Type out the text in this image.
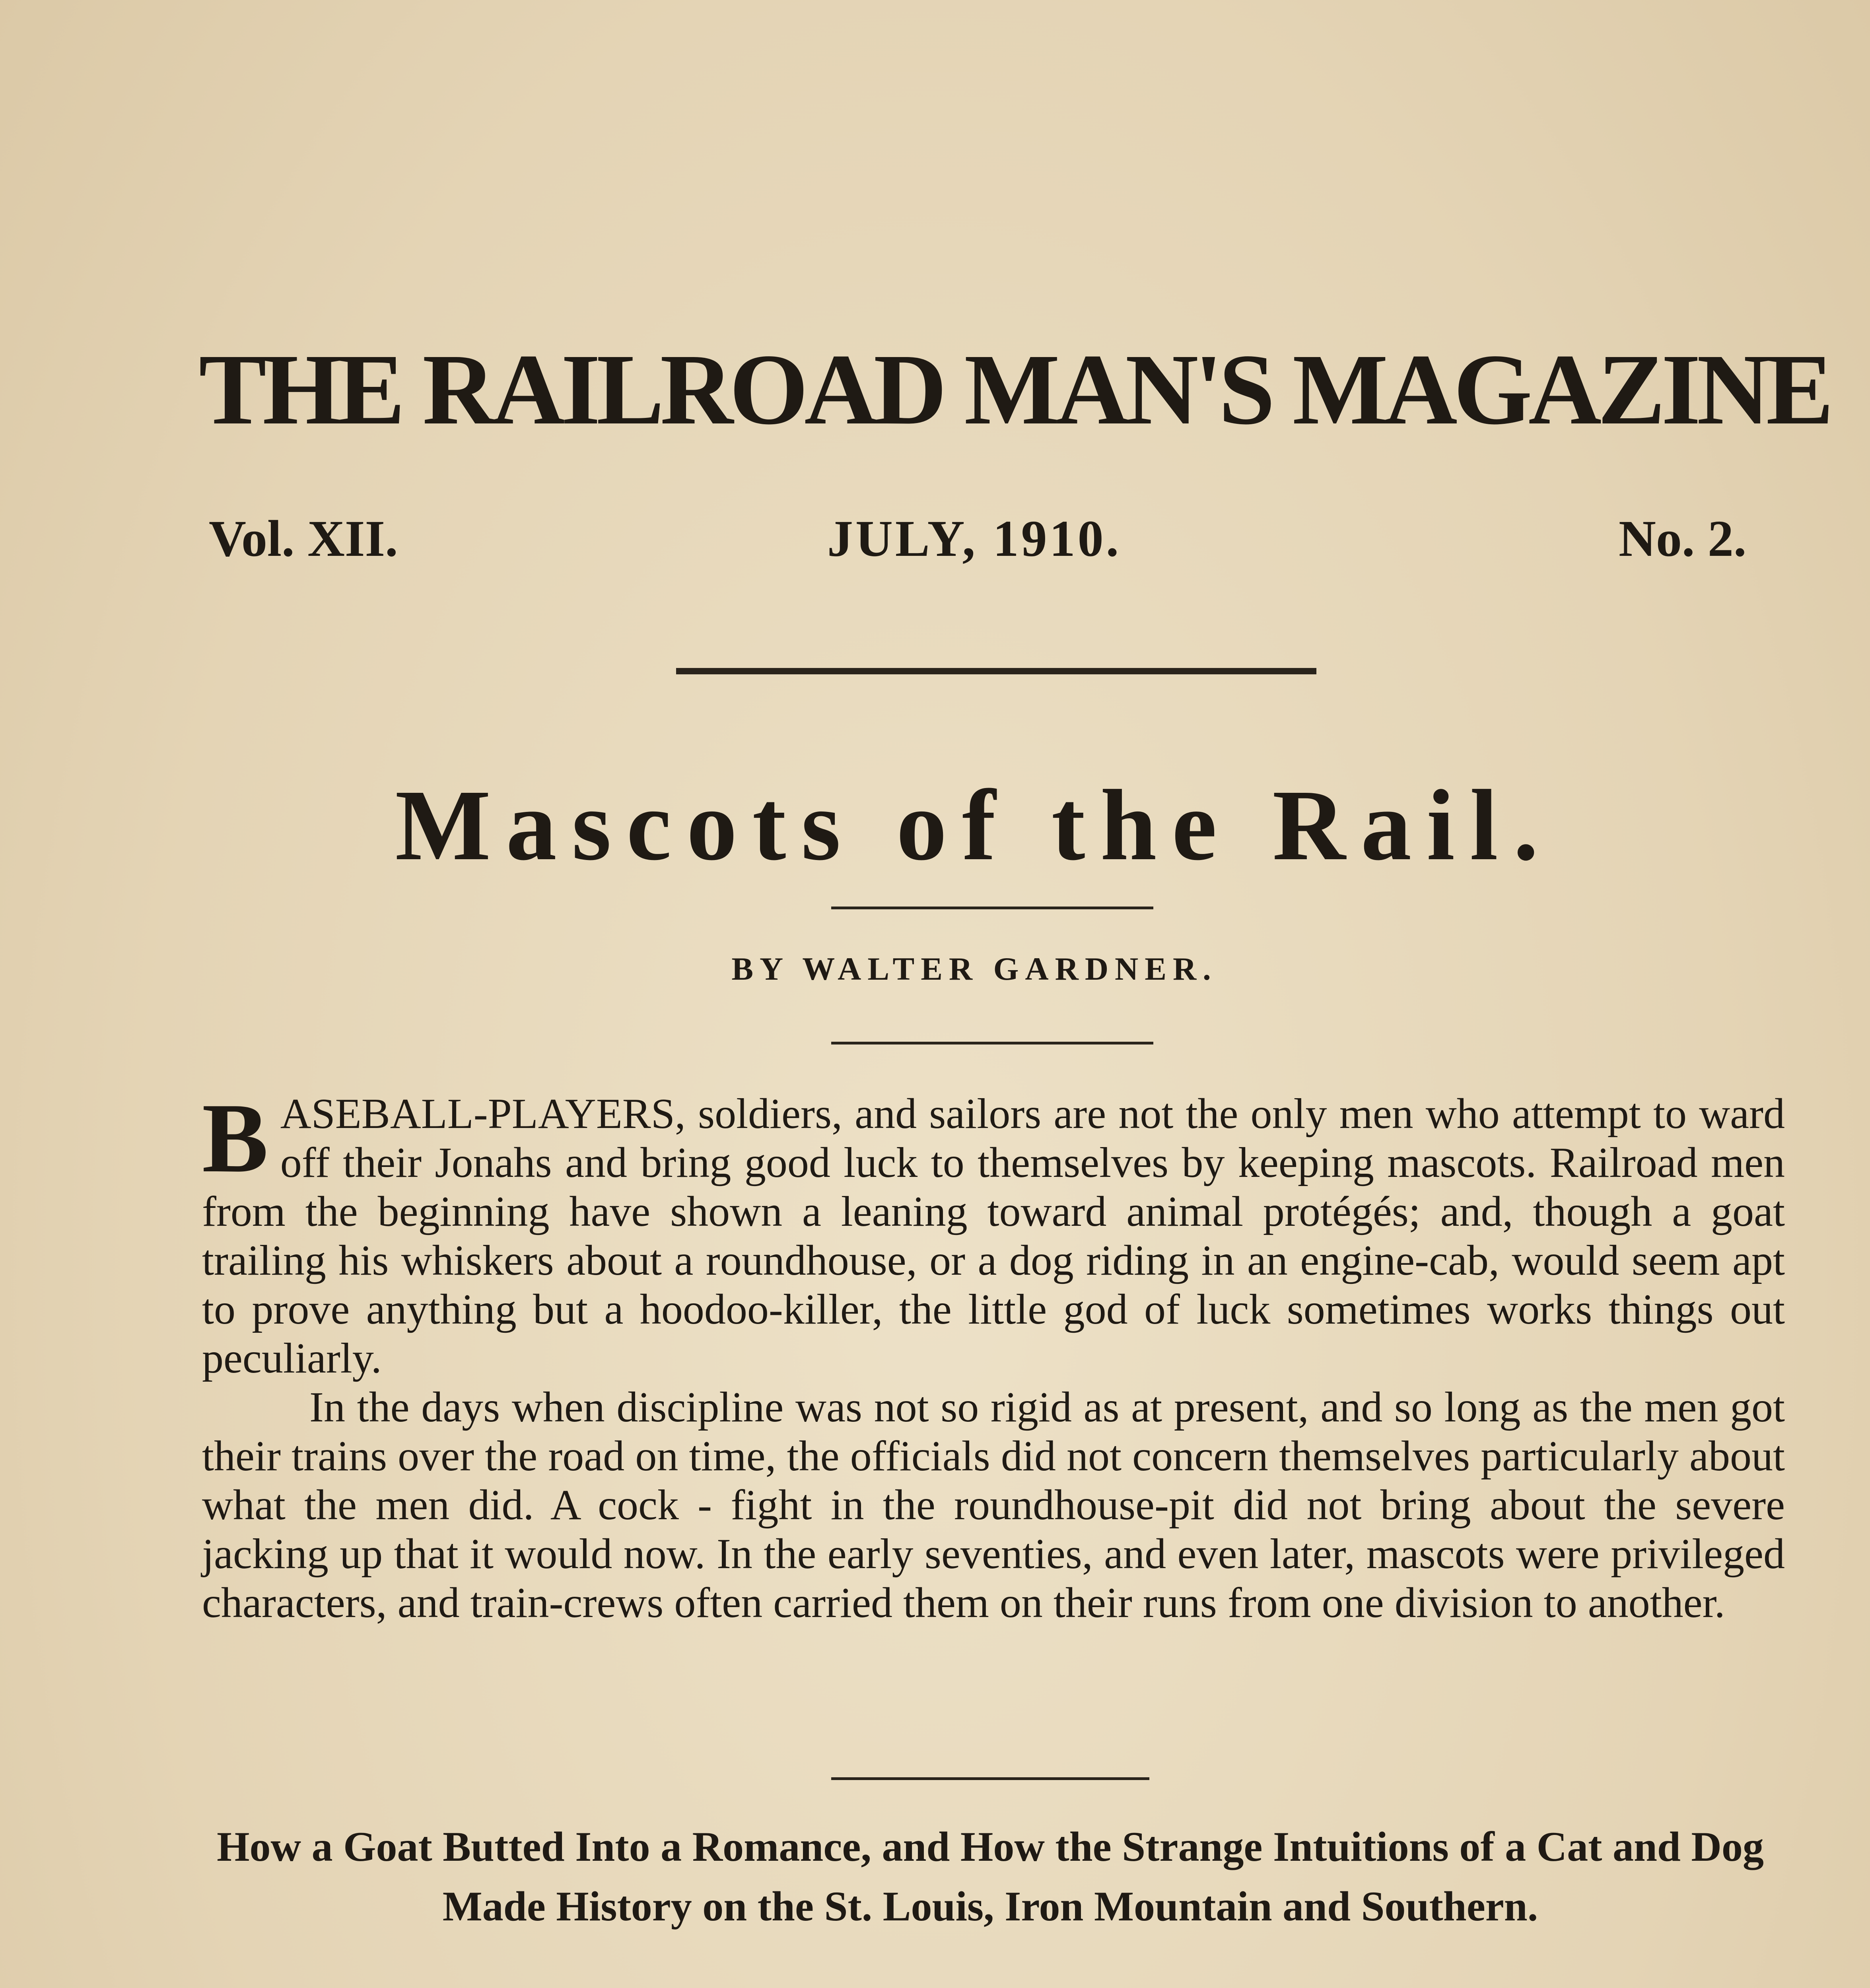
THE RAILROAD MAN'S MAGAZINE
Vol. XII.	JULY, 1910.	No. 2.
Mascots of the Rail.
BY WALTER GARDNER.

BASEBALL-PLAYERS, soldiers, and sailors are not the only men who attempt to ward off their Jonahs and bring good luck to themselves by keeping mascots. Railroad men from the beginning have shown a leaning toward animal protégés; and, though a goat trailing his whiskers about a roundhouse, or a dog riding in an engine-cab, would seem apt to prove anything but a hoodoo-killer, the little god of luck sometimes works things out peculiarly.

In the days when discipline was not so rigid as at present, and so long as the men got their trains over the road on time, the officials did not concern themselves particularly about what the men did. A cock - fight in the roundhouse-pit did not bring about the severe jacking up that it would now. In the early seventies, and even later, mascots were privileged characters, and train-crews often carried them on their runs from one division to another.

How a Goat Butted Into a Romance, and How the Strange Intuitions of a Cat and Dog Made History on the St. Louis, Iron Mountain and Southern.
